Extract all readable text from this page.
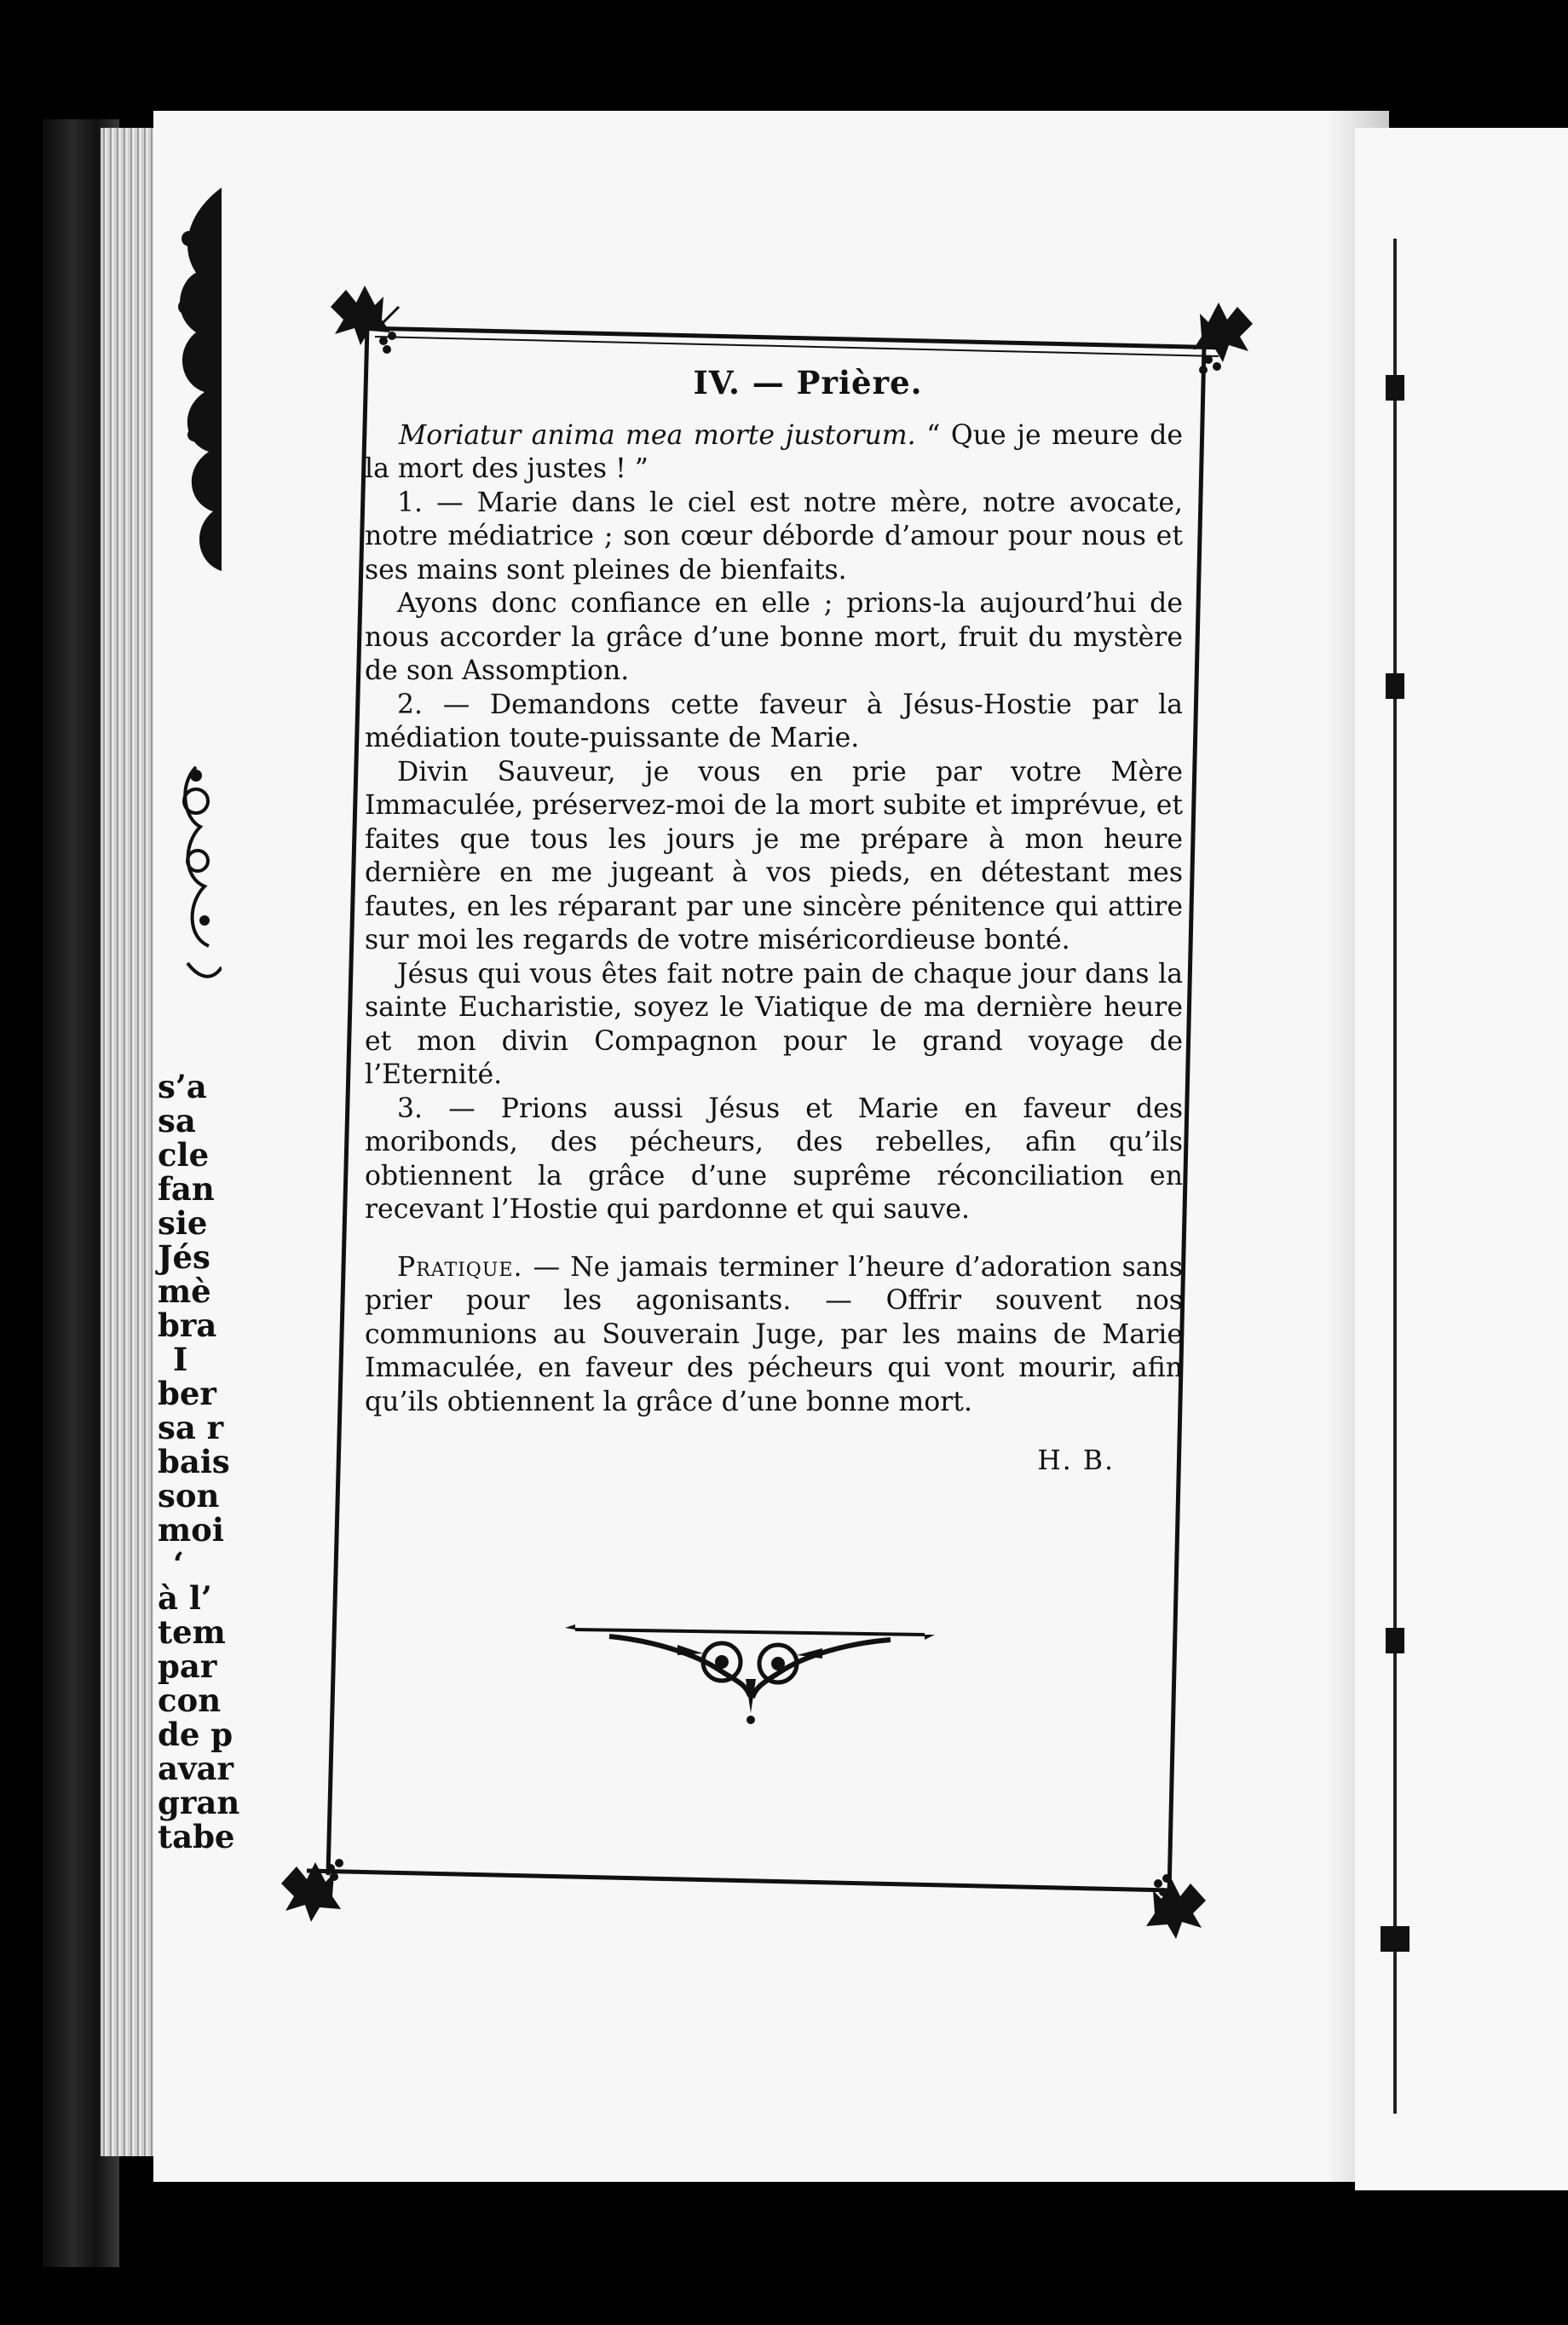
s’a
sa
cle
fan
sie
Jés
mè
bra
I
ber
sa r
bais
son
moi
‘
à l’
tem
par
con
de p
avar
gran
tabe
IV. — Prière.

Moriatur anima mea morte justorum. “ Que je meure de la mort des justes ! ”

1. — Marie dans le ciel est notre mère, notre avocate, notre médiatrice ; son cœur déborde d’amour pour nous et ses mains sont pleines de bienfaits.

Ayons donc confiance en elle ; prions-la aujourd’hui de nous accorder la grâce d’une bonne mort, fruit du mystère de son Assomption.

2. — Demandons cette faveur à Jésus-Hostie par la médiation toute-puissante de Marie.

Divin Sauveur, je vous en prie par votre Mère Immaculée, préservez-moi de la mort subite et imprévue, et faites que tous les jours je me prépare à mon heure dernière en me jugeant à vos pieds, en détestant mes fautes, en les réparant par une sincère pénitence qui attire sur moi les regards de votre miséricordieuse bonté.

Jésus qui vous êtes fait notre pain de chaque jour dans la sainte Eucharistie, soyez le Viatique de ma dernière heure et mon divin Compagnon pour le grand voyage de l’Eternité.

3. — Prions aussi Jésus et Marie en faveur des moribonds, des pécheurs, des rebelles, afin qu’ils obtiennent la grâce d’une suprême réconciliation en recevant l’Hostie qui pardonne et qui sauve.

Pratique. — Ne jamais terminer l’heure d’adoration sans prier pour les agonisants. — Offrir souvent nos communions au Souverain Juge, par les mains de Marie Immaculée, en faveur des pécheurs qui vont mourir, afin qu’ils obtiennent la grâce d’une bonne mort.

H. B.
